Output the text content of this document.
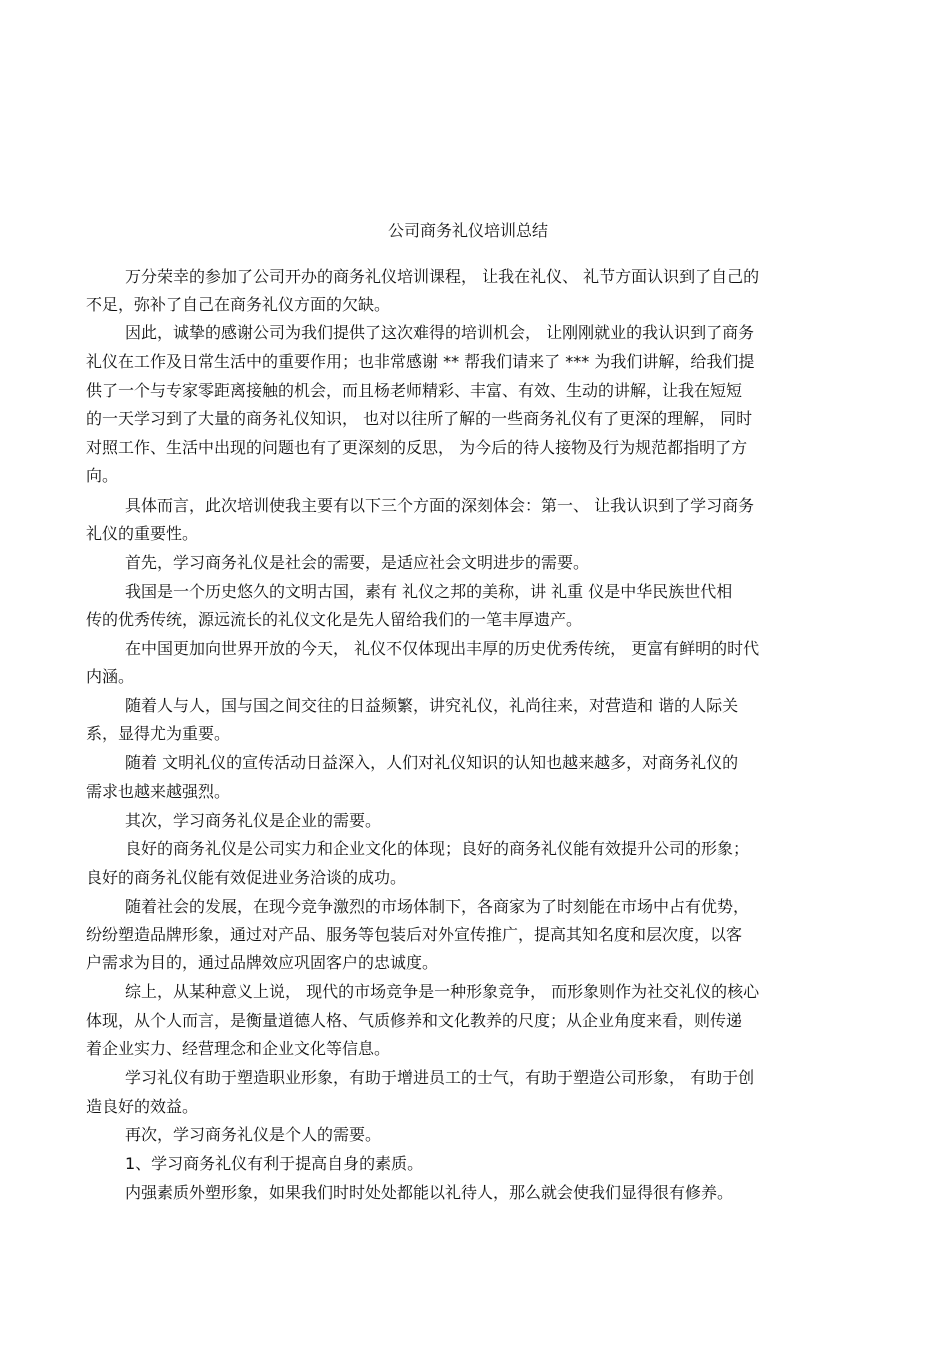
公司商务礼仪培训总结
万分荣幸的参加了公司开办的商务礼仪培训课程， 让我在礼仪、 礼节方面认识到了自己的
不足，弥补了自己在商务礼仪方面的欠缺。
因此，诚挚的感谢公司为我们提供了这次难得的培训机会， 让刚刚就业的我认识到了商务
礼仪在工作及日常生活中的重要作用；也非常感谢 ** 帮我们请来了 *** 为我们讲解，给我们提
供了一个与专家零距离接触的机会，而且杨老师精彩、丰富、有效、生动的讲解，让我在短短
的一天学习到了大量的商务礼仪知识， 也对以往所了解的一些商务礼仪有了更深的理解， 同时
对照工作、生活中出现的问题也有了更深刻的反思， 为今后的待人接物及行为规范都指明了方
向。
具体而言，此次培训使我主要有以下三个方面的深刻体会：第一、 让我认识到了学习商务
礼仪的重要性。
首先，学习商务礼仪是社会的需要，是适应社会文明进步的需要。
我国是一个历史悠久的文明古国，素有 礼仪之邦的美称，讲 礼重 仪是中华民族世代相
传的优秀传统，源远流长的礼仪文化是先人留给我们的一笔丰厚遗产。
在中国更加向世界开放的今天， 礼仪不仅体现出丰厚的历史优秀传统， 更富有鲜明的时代
内涵。
随着人与人，国与国之间交往的日益频繁，讲究礼仪，礼尚往来，对营造和 谐的人际关
系，显得尤为重要。
随着 文明礼仪的宣传活动日益深入，人们对礼仪知识的认知也越来越多，对商务礼仪的
需求也越来越强烈。
其次，学习商务礼仪是企业的需要。
良好的商务礼仪是公司实力和企业文化的体现；良好的商务礼仪能有效提升公司的形象；
良好的商务礼仪能有效促进业务洽谈的成功。
随着社会的发展，在现今竞争激烈的市场体制下，各商家为了时刻能在市场中占有优势，
纷纷塑造品牌形象，通过对产品、服务等包装后对外宣传推广，提高其知名度和层次度，以客
户需求为目的，通过品牌效应巩固客户的忠诚度。
综上，从某种意义上说， 现代的市场竞争是一种形象竞争， 而形象则作为社交礼仪的核心
体现，从个人而言，是衡量道德人格、气质修养和文化教养的尺度；从企业角度来看，则传递
着企业实力、经营理念和企业文化等信息。
学习礼仪有助于塑造职业形象，有助于增进员工的士气，有助于塑造公司形象， 有助于创
造良好的效益。
再次，学习商务礼仪是个人的需要。
1、学习商务礼仪有利于提高自身的素质。
内强素质外塑形象，如果我们时时处处都能以礼待人，那么就会使我们显得很有修养。
